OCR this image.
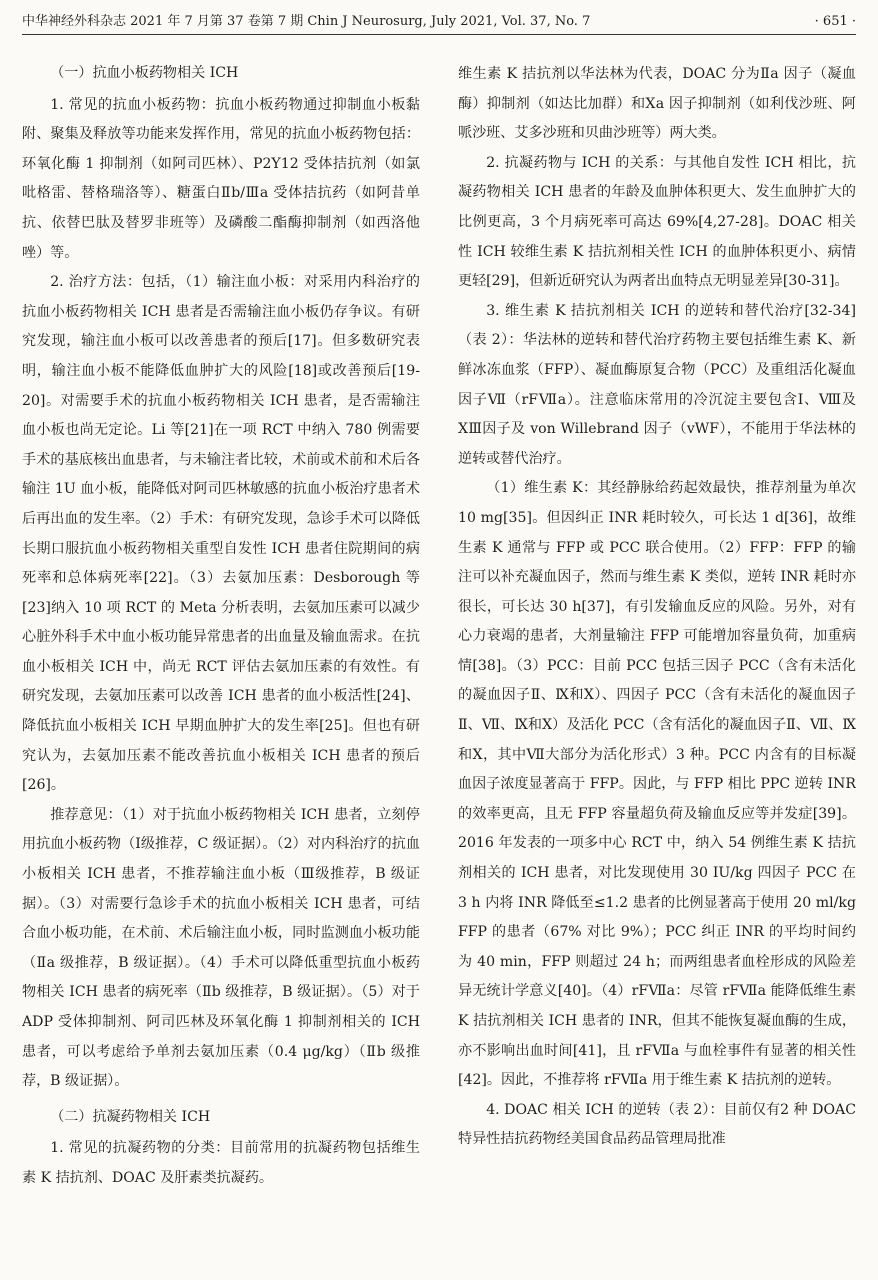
中华神经外科杂志 2021 年 7 月第 37 卷第 7 期 Chin J Neurosurg, July 2021, Vol. 37, No. 7	· 651 ·

（一）抗血小板药物相关 ICH

1. 常见的抗血小板药物：抗血小板药物通过抑制血小板黏附、聚集及释放等功能来发挥作用，常见的抗血小板药物包括：环氧化酶 1 抑制剂（如阿司匹林）、P2Y12 受体拮抗剂（如氯吡格雷、替格瑞洛等）、糖蛋白Ⅱb/Ⅲa 受体拮抗药（如阿昔单抗、依替巴肽及替罗非班等）及磷酸二酯酶抑制剂（如西洛他唑）等。

2. 治疗方法：包括，（1）输注血小板：对采用内科治疗的抗血小板药物相关 ICH 患者是否需输注血小板仍存争议。有研究发现，输注血小板可以改善患者的预后[17]。但多数研究表明，输注血小板不能降低血肿扩大的风险[18]或改善预后[19-20]。对需要手术的抗血小板药物相关 ICH 患者，是否需输注血小板也尚无定论。Li 等[21]在一项 RCT 中纳入 780 例需要手术的基底核出血患者，与未输注者比较，术前或术前和术后各输注 1U 血小板，能降低对阿司匹林敏感的抗血小板治疗患者术后再出血的发生率。（2）手术：有研究发现，急诊手术可以降低长期口服抗血小板药物相关重型自发性 ICH 患者住院期间的病死率和总体病死率[22]。（3）去氨加压素：Desborough 等[23]纳入 10 项 RCT 的 Meta 分析表明，去氨加压素可以减少心脏外科手术中血小板功能异常患者的出血量及输血需求。在抗血小板相关 ICH 中，尚无 RCT 评估去氨加压素的有效性。有研究发现，去氨加压素可以改善 ICH 患者的血小板活性[24]、降低抗血小板相关 ICH 早期血肿扩大的发生率[25]。但也有研究认为，去氨加压素不能改善抗血小板相关 ICH 患者的预后[26]。

推荐意见：（1）对于抗血小板药物相关 ICH 患者，立刻停用抗血小板药物（Ⅰ级推荐，C 级证据）。（2）对内科治疗的抗血小板相关 ICH 患者，不推荐输注血小板（Ⅲ级推荐，B 级证据）。（3）对需要行急诊手术的抗血小板相关 ICH 患者，可结合血小板功能，在术前、术后输注血小板，同时监测血小板功能（Ⅱa 级推荐，B 级证据）。（4）手术可以降低重型抗血小板药物相关 ICH 患者的病死率（Ⅱb 级推荐，B 级证据）。（5）对于 ADP 受体抑制剂、阿司匹林及环氧化酶 1 抑制剂相关的 ICH 患者，可以考虑给予单剂去氨加压素（0.4 μg/kg）（Ⅱb 级推荐，B 级证据）。

（二）抗凝药物相关 ICH

1. 常见的抗凝药物的分类：目前常用的抗凝药物包括维生素 K 拮抗剂、DOAC 及肝素类抗凝药。

维生素 K 拮抗剂以华法林为代表，DOAC 分为Ⅱa 因子（凝血酶）抑制剂（如达比加群）和Ⅹa 因子抑制剂（如利伐沙班、阿哌沙班、艾多沙班和贝曲沙班等）两大类。

2. 抗凝药物与 ICH 的关系：与其他自发性 ICH 相比，抗凝药物相关 ICH 患者的年龄及血肿体积更大、发生血肿扩大的比例更高，3 个月病死率可高达 69%[4,27-28]。DOAC 相关性 ICH 较维生素 K 拮抗剂相关性 ICH 的血肿体积更小、病情更轻[29]，但新近研究认为两者出血特点无明显差异[30-31]。

3. 维生素 K 拮抗剂相关 ICH 的逆转和替代治疗[32-34]（表 2）：华法林的逆转和替代治疗药物主要包括维生素 K、新鲜冰冻血浆（FFP）、凝血酶原复合物（PCC）及重组活化凝血因子Ⅶ（rFⅦa）。注意临床常用的冷沉淀主要包含Ⅰ、Ⅷ及ⅩⅢ因子及 von Willebrand 因子（vWF），不能用于华法林的逆转或替代治疗。

（1）维生素 K：其经静脉给药起效最快，推荐剂量为单次 10 mg[35]。但因纠正 INR 耗时较久，可长达 1 d[36]，故维生素 K 通常与 FFP 或 PCC 联合使用。（2）FFP：FFP 的输注可以补充凝血因子，然而与维生素 K 类似，逆转 INR 耗时亦很长，可长达 30 h[37]，有引发输血反应的风险。另外，对有心力衰竭的患者，大剂量输注 FFP 可能增加容量负荷，加重病情[38]。（3）PCC：目前 PCC 包括三因子 PCC（含有未活化的凝血因子Ⅱ、Ⅸ和Ⅹ）、四因子 PCC（含有未活化的凝血因子Ⅱ、Ⅶ、Ⅸ和Ⅹ）及活化 PCC（含有活化的凝血因子Ⅱ、Ⅶ、Ⅸ和Ⅹ，其中Ⅶ大部分为活化形式）3 种。PCC 内含有的目标凝血因子浓度显著高于 FFP。因此，与 FFP 相比 PPC 逆转 INR 的效率更高，且无 FFP 容量超负荷及输血反应等并发症[39]。2016 年发表的一项多中心 RCT 中，纳入 54 例维生素 K 拮抗剂相关的 ICH 患者，对比发现使用 30 IU/kg 四因子 PCC 在 3 h 内将 INR 降低至≤1.2 患者的比例显著高于使用 20 ml/kg FFP 的患者（67% 对比 9%）；PCC 纠正 INR 的平均时间约为 40 min，FFP 则超过 24 h；而两组患者血栓形成的风险差异无统计学意义[40]。（4）rFⅦa：尽管 rFⅦa 能降低维生素 K 拮抗剂相关 ICH 患者的 INR，但其不能恢复凝血酶的生成，亦不影响出血时间[41]，且 rFⅦa 与血栓事件有显著的相关性[42]。因此，不推荐将 rFⅦa 用于维生素 K 拮抗剂的逆转。

4. DOAC 相关 ICH 的逆转（表 2）：目前仅有2 种 DOAC 特异性拮抗药物经美国食品药品管理局批准
